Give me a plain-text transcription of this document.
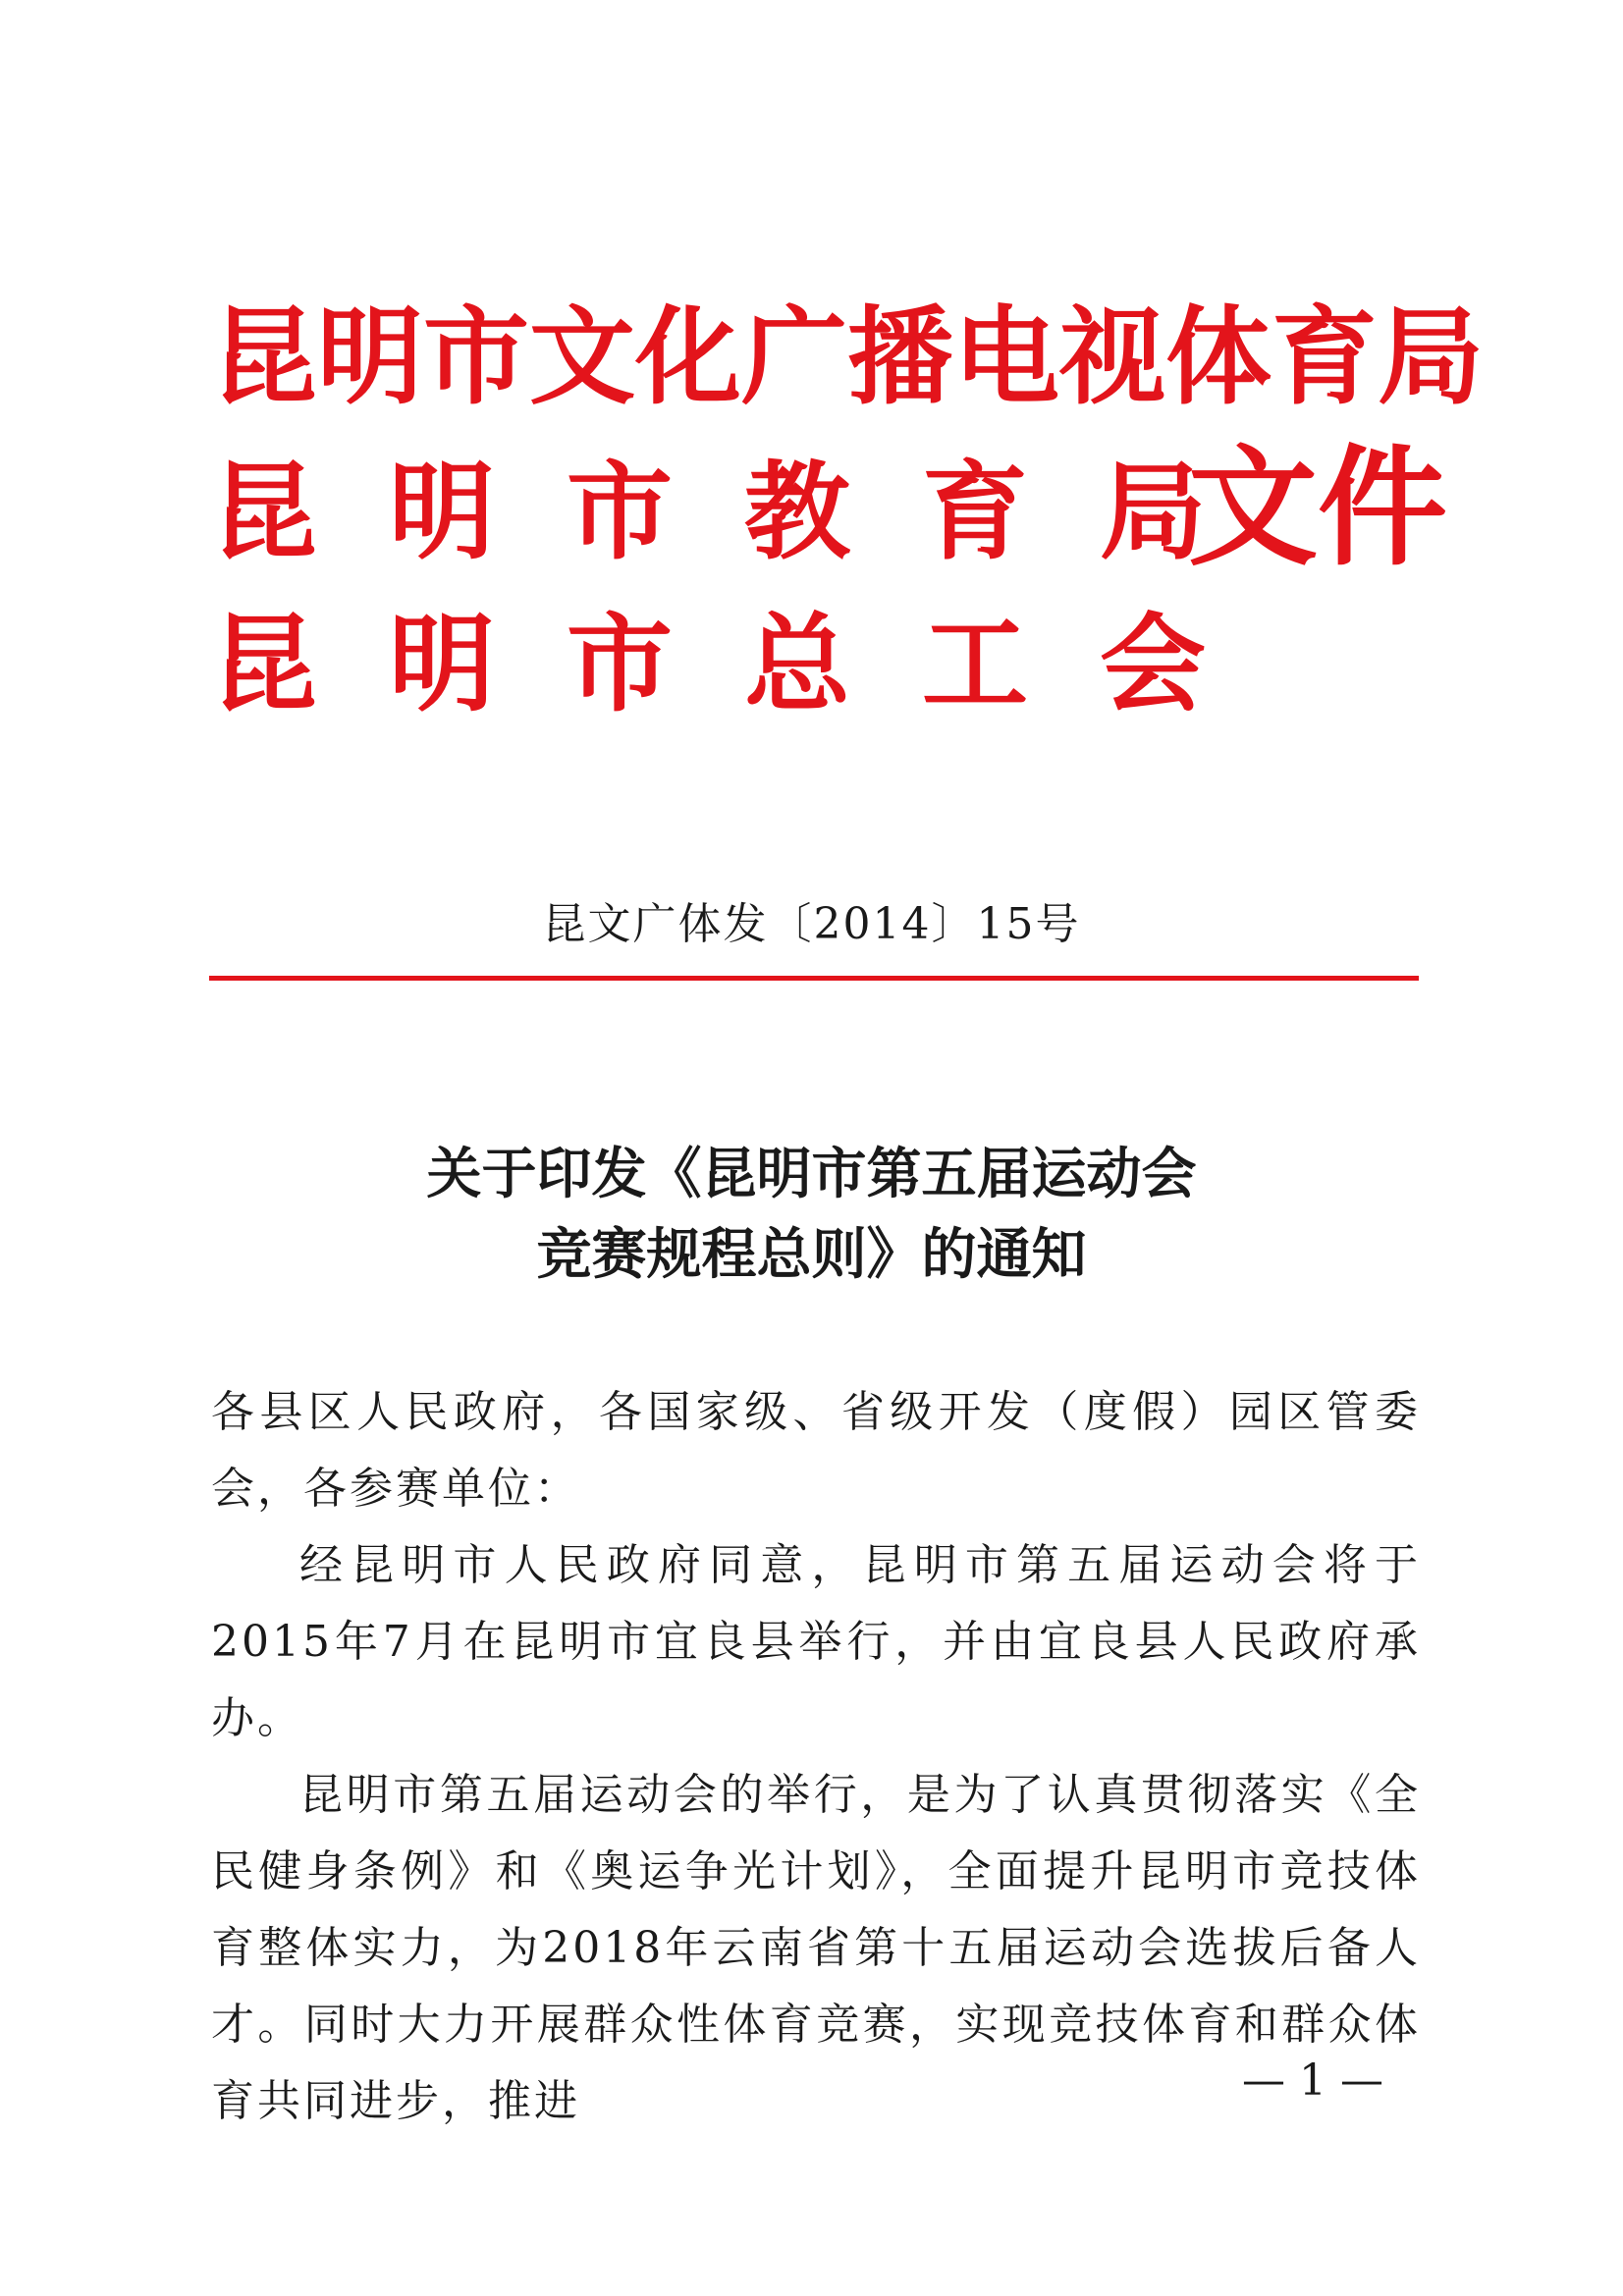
昆明市文化广播电视体育局
昆明市教育局
昆明市总工会
文件
昆文广体发〔2014〕15号
关于印发《昆明市第五届运动会
竞赛规程总则》的通知

各县区人民政府，各国家级、省级开发（度假）园区管委会，各参赛单位：

经昆明市人民政府同意，昆明市第五届运动会将于2015年7月在昆明市宜良县举行，并由宜良县人民政府承办。

昆明市第五届运动会的举行，是为了认真贯彻落实《全民健身条例》和《奥运争光计划》，全面提升昆明市竞技体育整体实力，为2018年云南省第十五届运动会选拔后备人才。同时大力开展群众性体育竞赛，实现竞技体育和群众体育共同进步，推进	— 1 —
